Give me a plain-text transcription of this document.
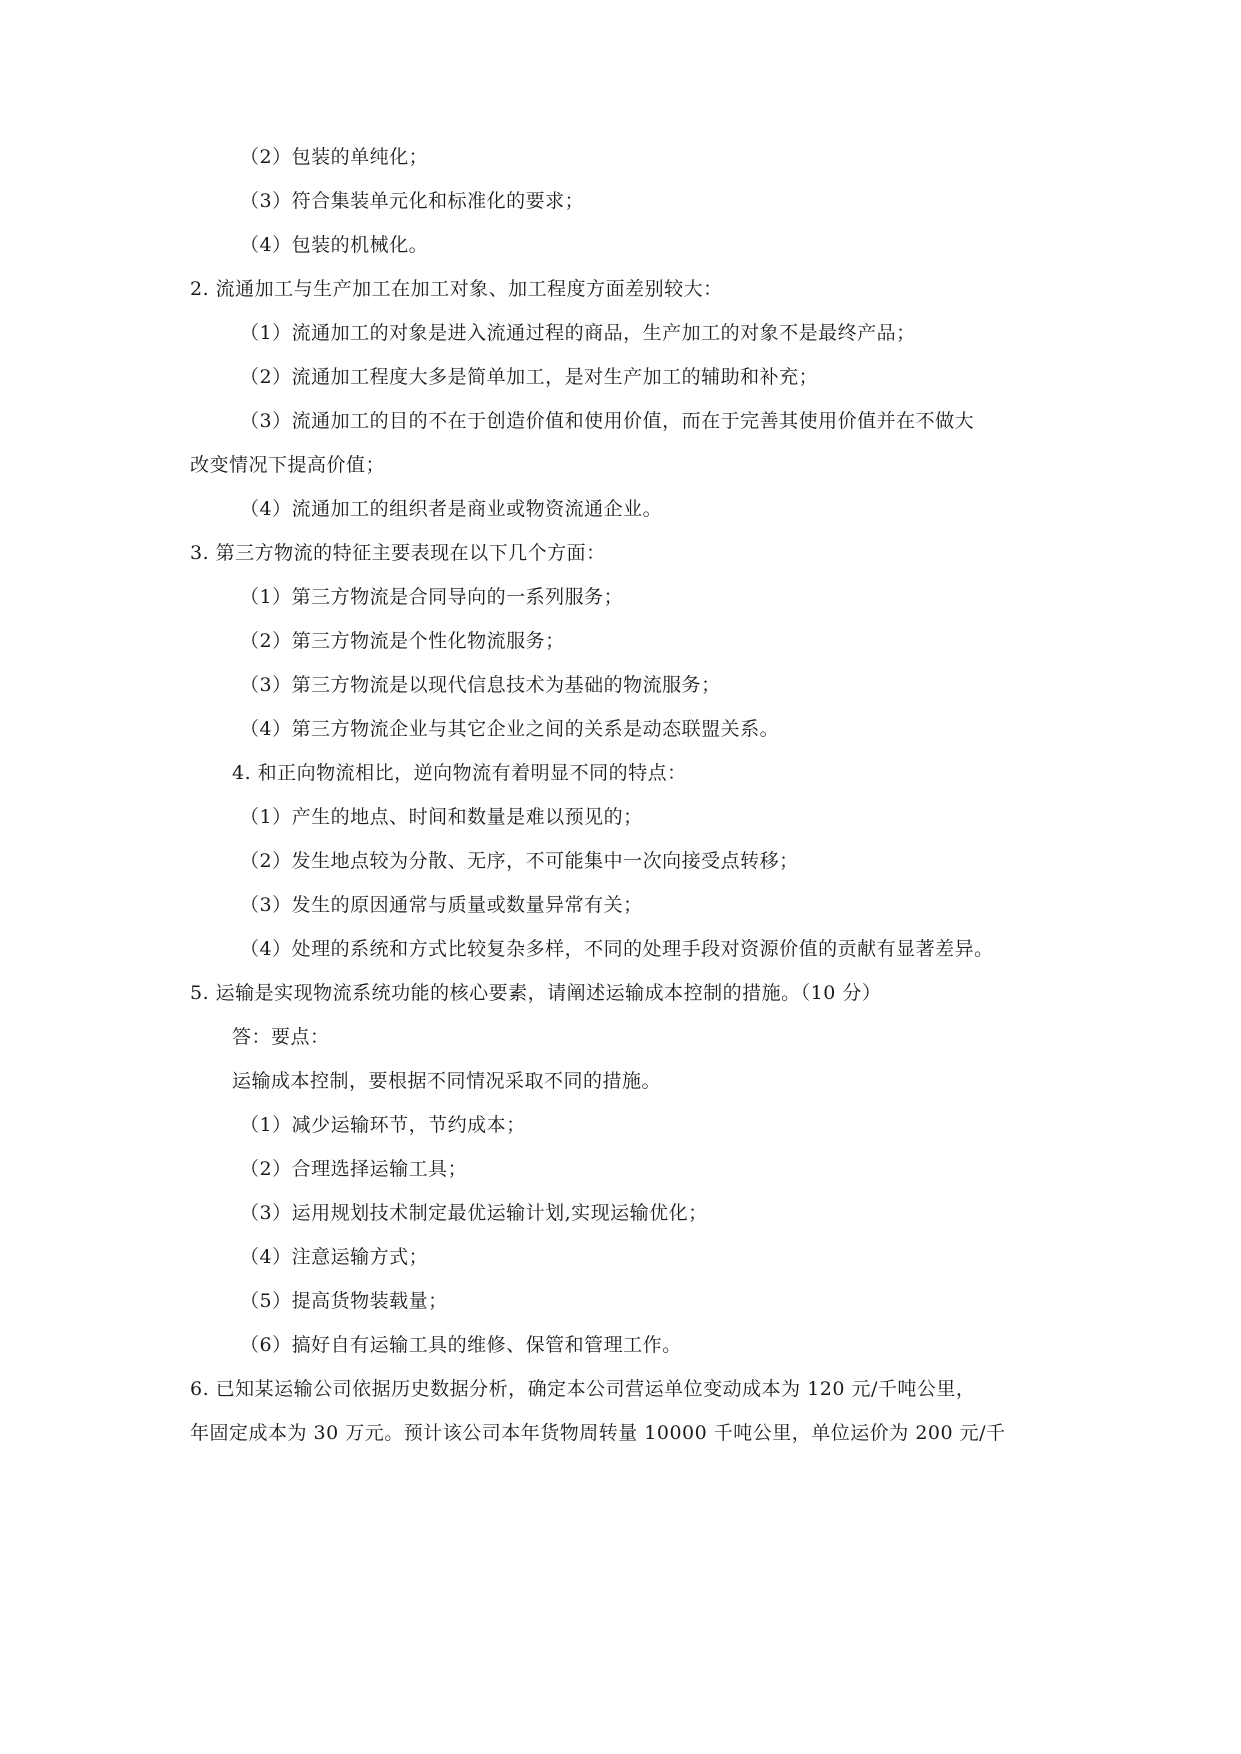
（2）包装的单纯化；
（3）符合集装单元化和标准化的要求；
（4）包装的机械化。
2. 流通加工与生产加工在加工对象、加工程度方面差别较大：
（1）流通加工的对象是进入流通过程的商品，生产加工的对象不是最终产品；
（2）流通加工程度大多是简单加工，是对生产加工的辅助和补充；
（3）流通加工的目的不在于创造价值和使用价值，而在于完善其使用价值并在不做大
改变情况下提高价值；
（4）流通加工的组织者是商业或物资流通企业。
3. 第三方物流的特征主要表现在以下几个方面：
（1）第三方物流是合同导向的一系列服务；
（2）第三方物流是个性化物流服务；
（3）第三方物流是以现代信息技术为基础的物流服务；
（4）第三方物流企业与其它企业之间的关系是动态联盟关系。
4. 和正向物流相比，逆向物流有着明显不同的特点：
（1）产生的地点、时间和数量是难以预见的；
（2）发生地点较为分散、无序，不可能集中一次向接受点转移；
（3）发生的原因通常与质量或数量异常有关；
（4）处理的系统和方式比较复杂多样，不同的处理手段对资源价值的贡献有显著差异。
5. 运输是实现物流系统功能的核心要素，请阐述运输成本控制的措施。（10 分）
答：要点：
运输成本控制，要根据不同情况采取不同的措施。
（1）减少运输环节，节约成本；
（2）合理选择运输工具；
（3）运用规划技术制定最优运输计划,实现运输优化；
（4）注意运输方式；
（5）提高货物装载量；
（6）搞好自有运输工具的维修、保管和管理工作。
6. 已知某运输公司依据历史数据分析，确定本公司营运单位变动成本为 120 元/千吨公里，
年固定成本为 30 万元。预计该公司本年货物周转量 10000 千吨公里，单位运价为 200 元/千
